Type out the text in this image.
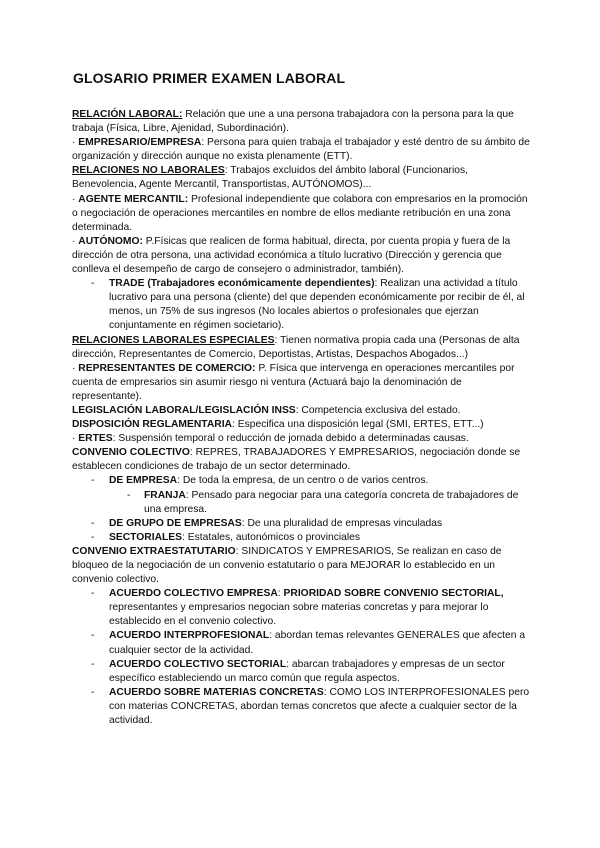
GLOSARIO PRIMER EXAMEN LABORAL
RELACIÓN LABORAL: Relación que une a una persona trabajadora con la persona para la que trabaja (Física, Libre, Ajenidad, Subordinación).
· EMPRESARIO/EMPRESA: Persona para quien trabaja el trabajador y esté dentro de su ámbito de organización y dirección aunque no exista plenamente (ETT).
RELACIONES NO LABORALES: Trabajos excluidos del ámbito laboral (Funcionarios, Benevolencia, Agente Mercantil, Transportistas, AUTÓNOMOS)...
· AGENTE MERCANTIL: Profesional independiente que colabora con empresarios en la promoción o negociación de operaciones mercantiles en nombre de ellos mediante retribución en una zona determinada.
· AUTÓNOMO: P.Físicas que realicen de forma habitual, directa, por cuenta propia y fuera de la dirección de otra persona, una actividad económica a título lucrativo (Dirección y gerencia que conlleva el desempeño de cargo de consejero o administrador, también).
- TRADE (Trabajadores económicamente dependientes): Realizan una actividad a título lucrativo para una persona (cliente) del que dependen económicamente por recibir de él, al menos, un 75% de sus ingresos (No locales abiertos o profesionales que ejerzan conjuntamente en régimen societario).
RELACIONES LABORALES ESPECIALES: Tienen normativa propia cada una (Personas de alta dirección, Representantes de Comercio, Deportistas, Artistas, Despachos Abogados...)
· REPRESENTANTES DE COMERCIO: P. Física que intervenga en operaciones mercantiles por cuenta de empresarios sin asumir riesgo ni ventura (Actuará bajo la denominación de representante).
LEGISLACIÓN LABORAL/LEGISLACIÓN INSS: Competencia exclusiva del estado.
DISPOSICIÓN REGLAMENTARIA: Especifica una disposición legal (SMI, ERTES, ETT...)
· ERTES: Suspensión temporal o reducción de jornada debido a determinadas causas.
CONVENIO COLECTIVO: REPRES, TRABAJADORES Y EMPRESARIOS, negociación donde se establecen condiciones de trabajo de un sector determinado.
- DE EMPRESA: De toda la empresa, de un centro o de varios centros.
- FRANJA: Pensado para negociar para una categoría concreta de trabajadores de una empresa.
- DE GRUPO DE EMPRESAS: De una pluralidad de empresas vinculadas
- SECTORIALES: Estatales, autonómicos o provinciales
CONVENIO EXTRAESTATUTARIO: SINDICATOS Y EMPRESARIOS, Se realizan en caso de bloqueo de la negociación de un convenio estatutario o para MEJORAR lo establecido en un convenio colectivo.
- ACUERDO COLECTIVO EMPRESA: PRIORIDAD SOBRE CONVENIO SECTORIAL, representantes y empresarios negocian sobre materias concretas y para mejorar lo establecido en el convenio colectivo.
- ACUERDO INTERPROFESIONAL: abordan temas relevantes GENERALES que afecten a cualquier sector de la actividad.
- ACUERDO COLECTIVO SECTORIAL: abarcan trabajadores y empresas de un sector específico estableciendo un marco común que regula aspectos.
- ACUERDO SOBRE MATERIAS CONCRETAS: COMO LOS INTERPROFESIONALES pero con materias CONCRETAS, abordan temas concretos que afecte a cualquier sector de la actividad.
